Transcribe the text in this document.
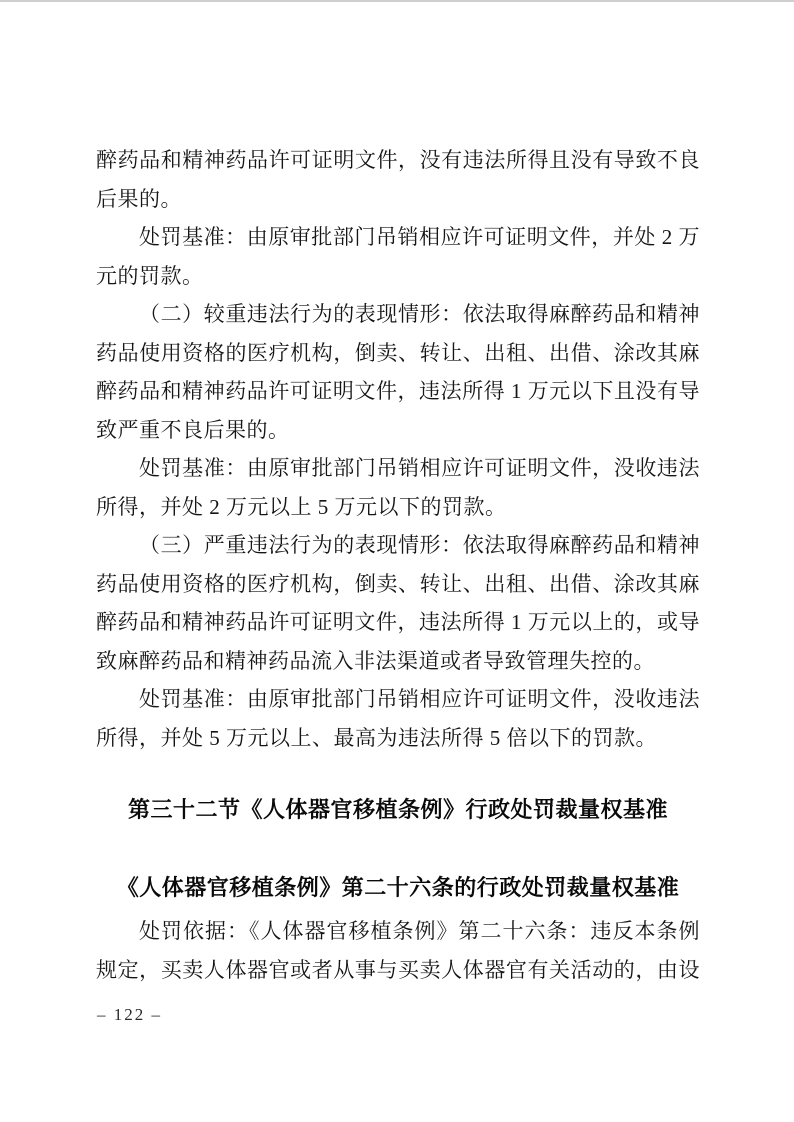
醉药品和精神药品许可证明文件，没有违法所得且没有导致不良
后果的。
处罚基准：由原审批部门吊销相应许可证明文件，并处 2 万
元的罚款。
（二）较重违法行为的表现情形：依法取得麻醉药品和精神
药品使用资格的医疗机构，倒卖、转让、出租、出借、涂改其麻
醉药品和精神药品许可证明文件，违法所得 1 万元以下且没有导
致严重不良后果的。
处罚基准：由原审批部门吊销相应许可证明文件，没收违法
所得，并处 2 万元以上 5 万元以下的罚款。
（三）严重违法行为的表现情形：依法取得麻醉药品和精神
药品使用资格的医疗机构，倒卖、转让、出租、出借、涂改其麻
醉药品和精神药品许可证明文件，违法所得 1 万元以上的，或导
致麻醉药品和精神药品流入非法渠道或者导致管理失控的。
处罚基准：由原审批部门吊销相应许可证明文件，没收违法
所得，并处 5 万元以上、最高为违法所得 5 倍以下的罚款。
第三十二节《人体器官移植条例》行政处罚裁量权基准
《人体器官移植条例》第二十六条的行政处罚裁量权基准
处罚依据：《人体器官移植条例》第二十六条：违反本条例
规定，买卖人体器官或者从事与买卖人体器官有关活动的，由设
– 122 –
